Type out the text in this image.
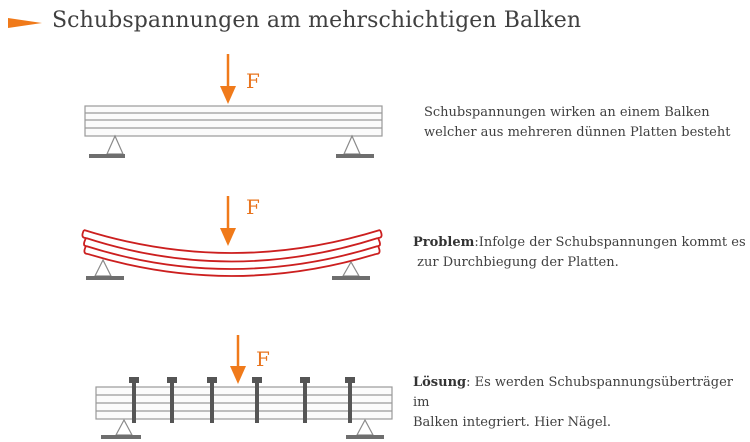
Schubspannungen am mehrschichtigen Balken
F
F
F
Schubspannungen wirken an einem Balken
welcher aus mehreren dünnen Platten besteht
Problem:Infolge der Schubspannungen kommt es
zur Durchbiegung der Platten.
Lösung: Es werden Schubspannungsüberträger im
Balken integriert. Hier Nägel.
